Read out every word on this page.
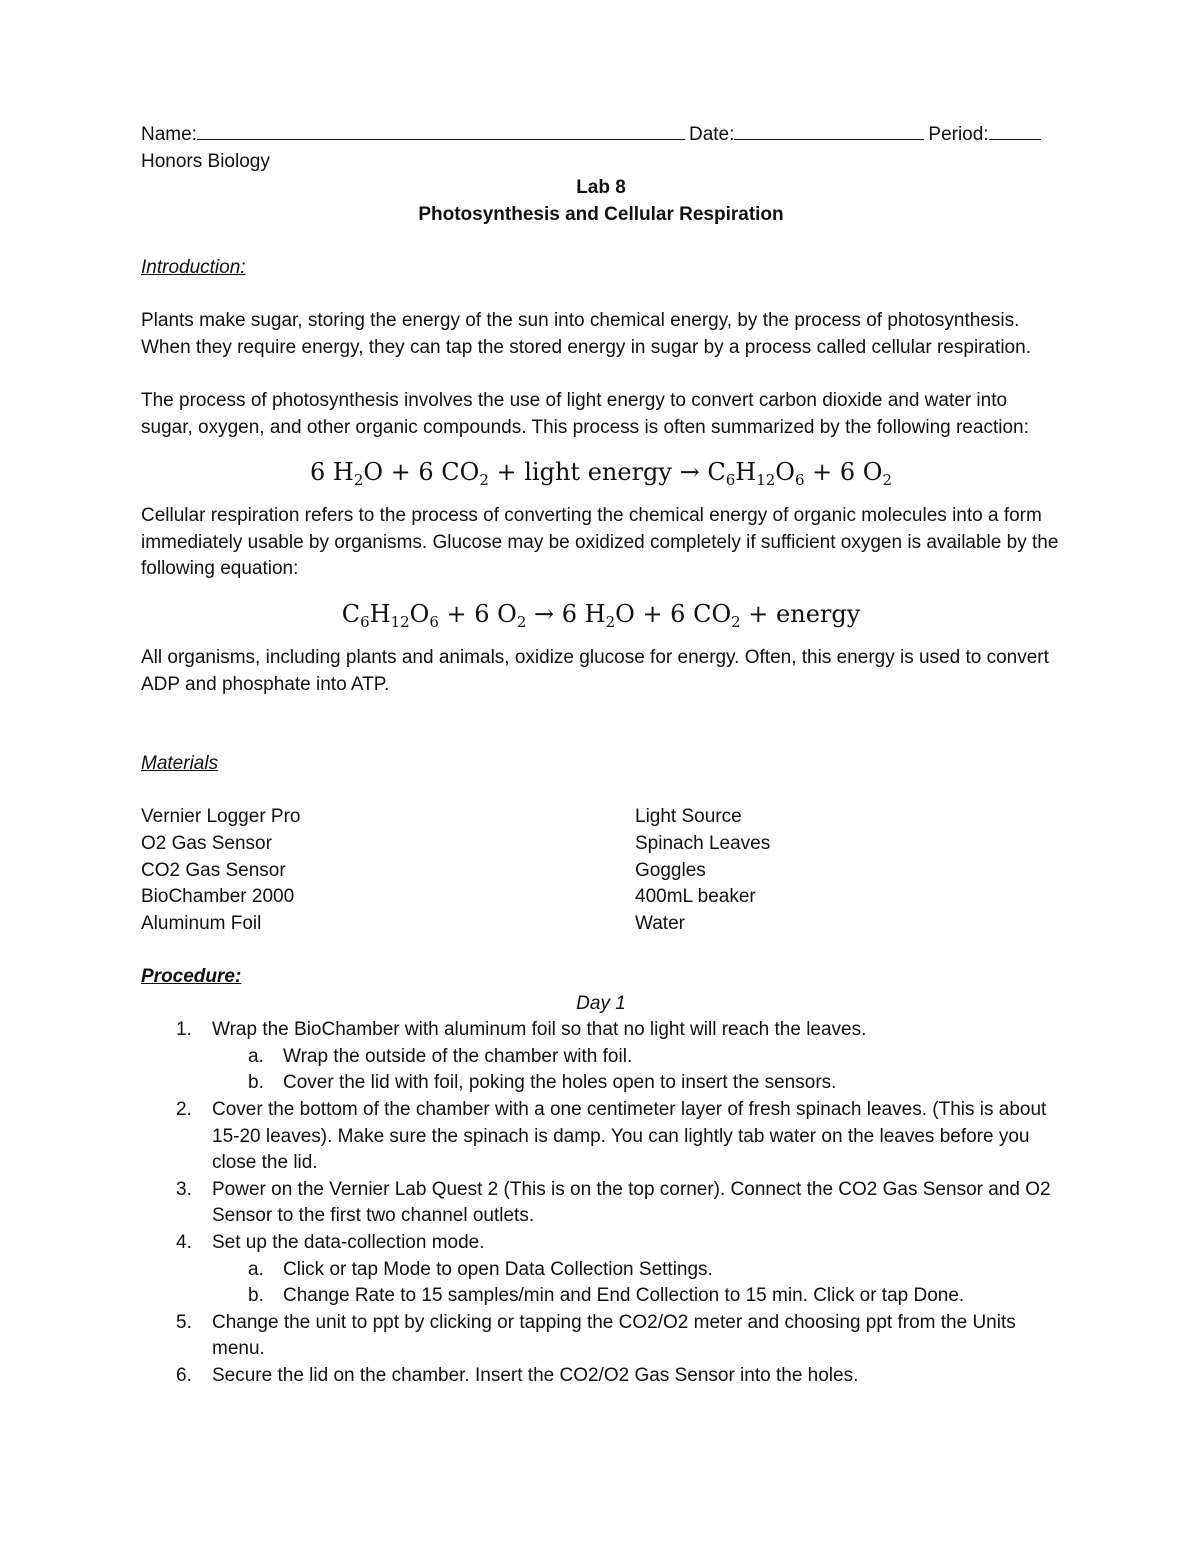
Name:	Date:	Period:
Honors Biology
Lab 8
Photosynthesis and Cellular Respiration
Introduction:

Plants make sugar, storing the energy of the sun into chemical energy, by the process of photosynthesis. When they require energy, they can tap the stored energy in sugar by a process called cellular respiration.

The process of photosynthesis involves the use of light energy to convert carbon dioxide and water into sugar, oxygen, and other organic compounds. This process is often summarized by the following reaction:

6 $H_2O + 6$ $CO_2$ + light energy → $C_6H_{12}O_6 + 6$ $O_2$

Cellular respiration refers to the process of converting the chemical energy of organic molecules into a form immediately usable by organisms. Glucose may be oxidized completely if sufficient oxygen is available by the following equation:

$C_6H_{12}O_6 + 6$ $O_2 \to 6$ $H_2O + 6$ $CO_2$ + energy

All organisms, including plants and animals, oxidize glucose for energy. Often, this energy is used to convert ADP and phosphate into ATP.

Materials
Vernier Logger Pro
O2 Gas Sensor
CO2 Gas Sensor
BioChamber 2000
Aluminum Foil
Light Source
Spinach Leaves
Goggles
400mL beaker
Water
Procedure:
Day 1
1. Wrap the BioChamber with aluminum foil so that no light will reach the leaves.
a. Wrap the outside of the chamber with foil.
b. Cover the lid with foil, poking the holes open to insert the sensors.
2. Cover the bottom of the chamber with a one centimeter layer of fresh spinach leaves. (This is about 15-20 leaves). Make sure the spinach is damp. You can lightly tab water on the leaves before you close the lid.
3. Power on the Vernier Lab Quest 2 (This is on the top corner). Connect the CO2 Gas Sensor and O2 Sensor to the first two channel outlets.
4. Set up the data-collection mode.
a. Click or tap Mode to open Data Collection Settings.
b. Change Rate to 15 samples/min and End Collection to 15 min. Click or tap Done.
5. Change the unit to ppt by clicking or tapping the CO2/O2 meter and choosing ppt from the Units menu.
6. Secure the lid on the chamber. Insert the CO2/O2 Gas Sensor into the holes.
